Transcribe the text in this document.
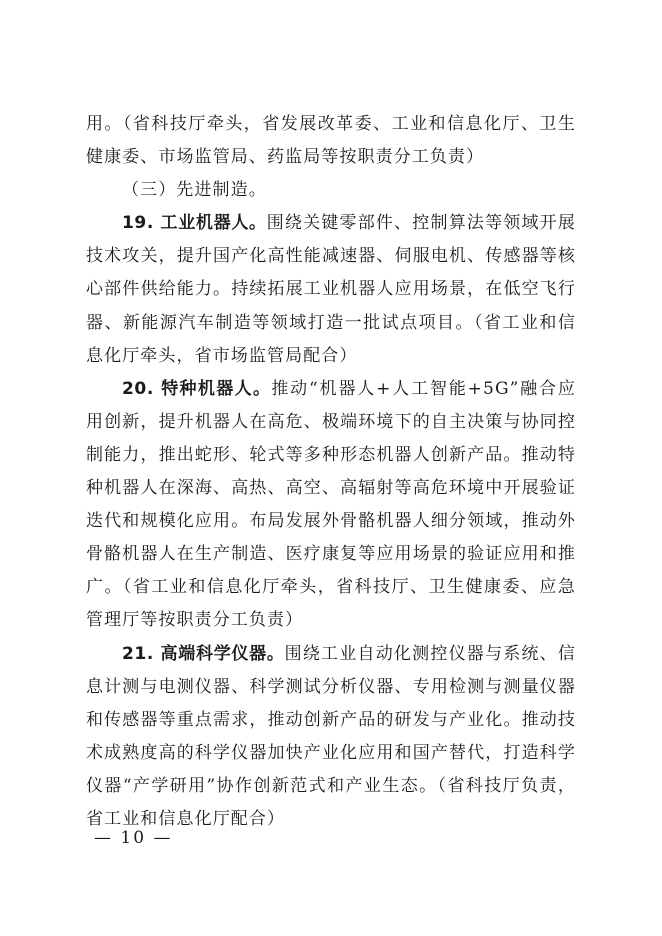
用。（省科技厅牵头，省发展改革委、工业和信息化厅、卫生健康委、市场监管局、药监局等按职责分工负责）

（三）先进制造。

19. 工业机器人。围绕关键零部件、控制算法等领域开展技术攻关，提升国产化高性能减速器、伺服电机、传感器等核心部件供给能力。持续拓展工业机器人应用场景，在低空飞行器、新能源汽车制造等领域打造一批试点项目。（省工业和信息化厅牵头，省市场监管局配合）

20. 特种机器人。推动“机器人+人工智能+5G”融合应用创新，提升机器人在高危、极端环境下的自主决策与协同控制能力，推出蛇形、轮式等多种形态机器人创新产品。推动特种机器人在深海、高热、高空、高辐射等高危环境中开展验证迭代和规模化应用。布局发展外骨骼机器人细分领域，推动外骨骼机器人在生产制造、医疗康复等应用场景的验证应用和推广。（省工业和信息化厅牵头，省科技厅、卫生健康委、应急管理厅等按职责分工负责）

21. 高端科学仪器。围绕工业自动化测控仪器与系统、信息计测与电测仪器、科学测试分析仪器、专用检测与测量仪器和传感器等重点需求，推动创新产品的研发与产业化。推动技术成熟度高的科学仪器加快产业化应用和国产替代，打造科学仪器“产学研用”协作创新范式和产业生态。（省科技厅负责，省工业和信息化厅配合）

— 10 —
